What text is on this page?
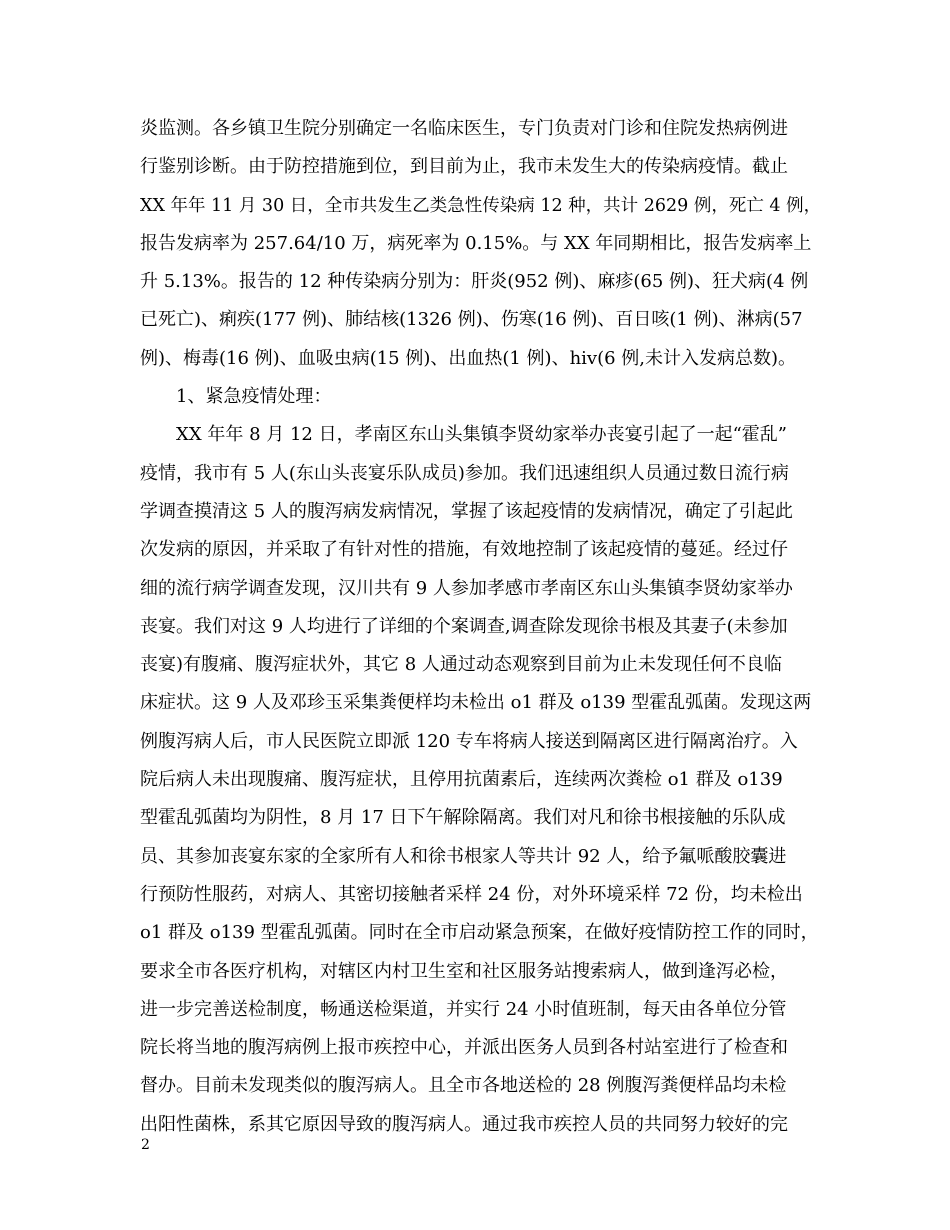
炎监测。各乡镇卫生院分别确定一名临床医生，专门负责对门诊和住院发热病例进
行鉴别诊断。由于防控措施到位，到目前为止，我市未发生大的传染病疫情。截止
XX 年年 11 月 30 日，全市共发生乙类急性传染病 12 种，共计 2629 例，死亡 4 例，
报告发病率为 257.64/10 万，病死率为 0.15%。与 XX 年同期相比，报告发病率上
升 5.13%。报告的 12 种传染病分别为：肝炎(952 例)、麻疹(65 例)、狂犬病(4 例
已死亡)、痢疾(177 例)、肺结核(1326 例)、伤寒(16 例)、百日咳(1 例)、淋病(57
例)、梅毒(16 例)、血吸虫病(15 例)、出血热(1 例)、hiv(6 例,未计入发病总数)。
　　1、紧急疫情处理：
　　XX 年年 8 月 12 日，孝南区东山头集镇李贤幼家举办丧宴引起了一起“霍乱”
疫情，我市有 5 人(东山头丧宴乐队成员)参加。我们迅速组织人员通过数日流行病
学调查摸清这 5 人的腹泻病发病情况，掌握了该起疫情的发病情况，确定了引起此
次发病的原因，并采取了有针对性的措施，有效地控制了该起疫情的蔓延。经过仔
细的流行病学调查发现，汉川共有 9 人参加孝感市孝南区东山头集镇李贤幼家举办
丧宴。我们对这 9 人均进行了详细的个案调查,调查除发现徐书根及其妻子(未参加
丧宴)有腹痛、腹泻症状外，其它 8 人通过动态观察到目前为止未发现任何不良临
床症状。这 9 人及邓珍玉采集粪便样均未检出 o1 群及 o139 型霍乱弧菌。发现这两
例腹泻病人后，市人民医院立即派 120 专车将病人接送到隔离区进行隔离治疗。入
院后病人未出现腹痛、腹泻症状，且停用抗菌素后，连续两次粪检 o1 群及 o139
型霍乱弧菌均为阴性，8 月 17 日下午解除隔离。我们对凡和徐书根接触的乐队成
员、其参加丧宴东家的全家所有人和徐书根家人等共计 92 人，给予氟哌酸胶囊进
行预防性服药，对病人、其密切接触者采样 24 份，对外环境采样 72 份，均未检出
o1 群及 o139 型霍乱弧菌。同时在全市启动紧急预案，在做好疫情防控工作的同时，
要求全市各医疗机构，对辖区内村卫生室和社区服务站搜索病人，做到逢泻必检，
进一步完善送检制度，畅通送检渠道，并实行 24 小时值班制，每天由各单位分管
院长将当地的腹泻病例上报市疾控中心，并派出医务人员到各村站室进行了检查和
督办。目前未发现类似的腹泻病人。且全市各地送检的 28 例腹泻粪便样品均未检
出阳性菌株，系其它原因导致的腹泻病人。通过我市疾控人员的共同努力较好的完
2
